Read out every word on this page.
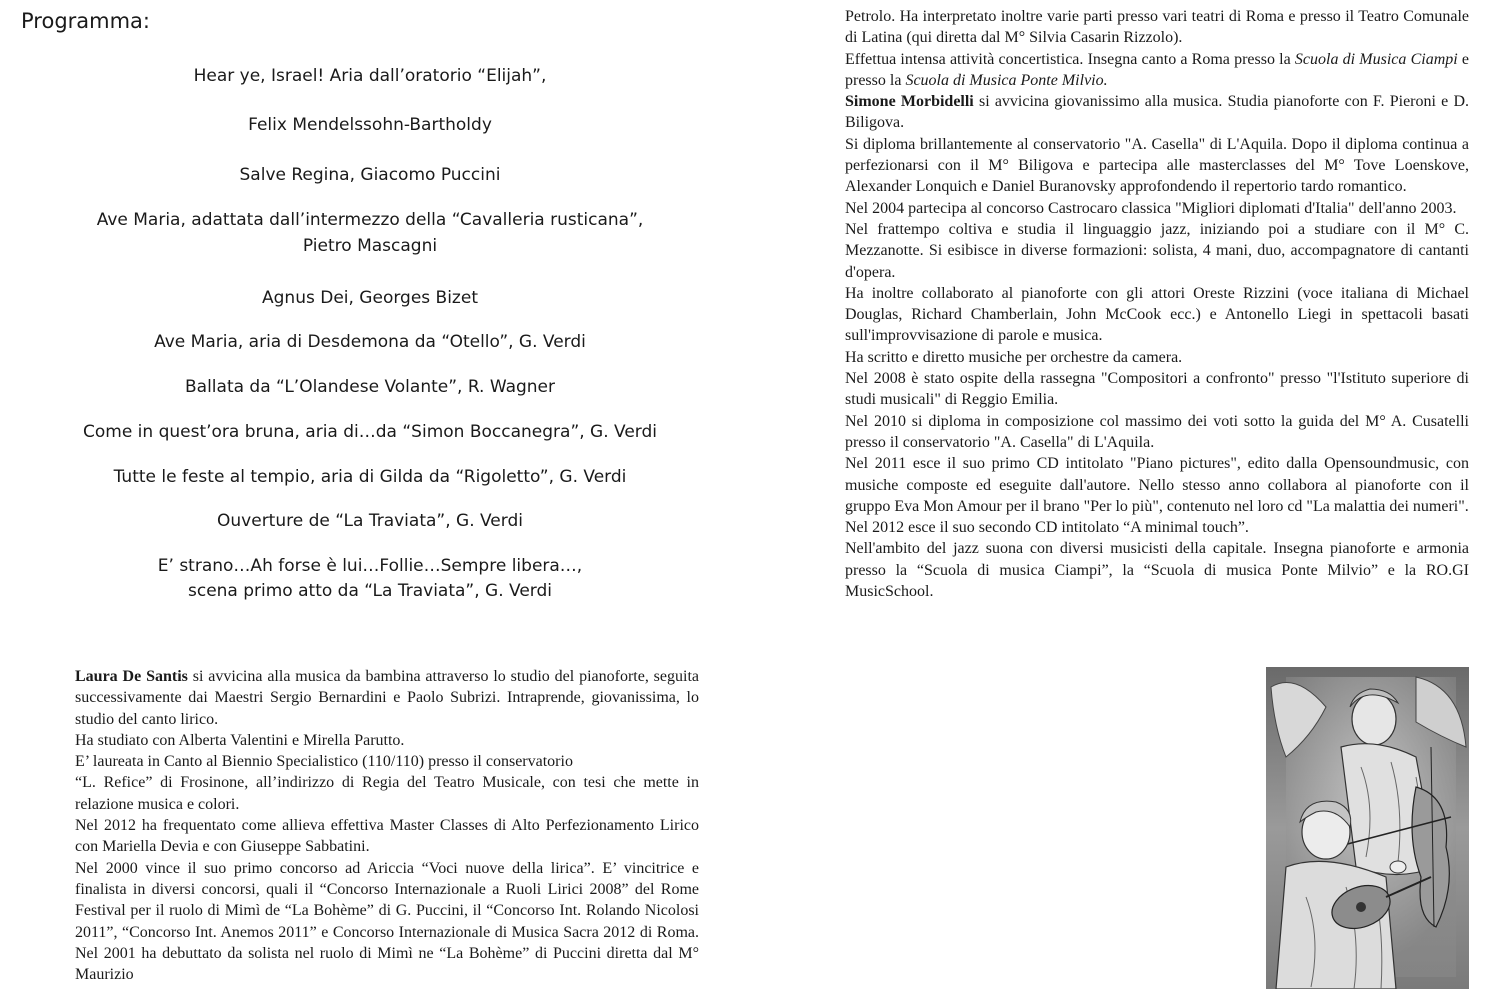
Programma:
Hear ye, Israel! Aria dall’oratorio “Elijah”,
Felix Mendelssohn-Bartholdy
Salve Regina, Giacomo Puccini
Ave Maria, adattata dall’intermezzo della “Cavalleria rusticana”,
Pietro Mascagni
Agnus Dei, Georges Bizet
Ave Maria, aria di Desdemona da “Otello”, G. Verdi
Ballata da “L’Olandese Volante”, R. Wagner
Come in quest’ora bruna, aria di…da “Simon Boccanegra”, G. Verdi
Tutte le feste al tempio, aria di Gilda da “Rigoletto”, G. Verdi
Ouverture de “La Traviata”, G. Verdi
E’ strano…Ah forse è lui…Follie…Sempre libera…,
scena primo atto da “La Traviata”, G. Verdi

Laura De Santis si avvicina alla musica da bambina attraverso lo studio del pianoforte, seguita successivamente dai Maestri Sergio Bernardini e Paolo Subrizi. Intraprende, giovanissima, lo studio del canto lirico.

Ha studiato con Alberta Valentini e Mirella Parutto.

E’ laureata in Canto al Biennio Specialistico (110/110) presso il conservatorio

“L. Refice” di Frosinone, all’indirizzo di Regia del Teatro Musicale, con tesi che mette in relazione musica e colori.

Nel 2012 ha frequentato come allieva effettiva Master Classes di Alto Perfezionamento Lirico con Mariella Devia e con Giuseppe Sabbatini.

Nel 2000 vince il suo primo concorso ad Ariccia “Voci nuove della lirica”. E’ vincitrice e finalista in diversi concorsi, quali il “Concorso Internazionale a Ruoli Lirici 2008” del Rome Festival per il ruolo di Mimì de “La Bohème” di G. Puccini, il “Concorso Int. Rolando Nicolosi 2011”, “Concorso Int. Anemos 2011” e Concorso Internazionale di Musica Sacra 2012 di Roma. Nel 2001 ha debuttato da solista nel ruolo di Mimì ne “La Bohème” di Puccini diretta dal M° Maurizio

Petrolo. Ha interpretato inoltre varie parti presso vari teatri di Roma e presso il Teatro Comunale di Latina (qui diretta dal M° Silvia Casarin Rizzolo).

Effettua intensa attività concertistica. Insegna canto a Roma presso la Scuola di Musica Ciampi e presso la Scuola di Musica Ponte Milvio.

Simone Morbidelli si avvicina giovanissimo alla musica. Studia pianoforte con F. Pieroni e D. Biligova.

Si diploma brillantemente al conservatorio "A. Casella" di L'Aquila. Dopo il diploma continua a perfezionarsi con il M° Biligova e partecipa alle masterclasses del M° Tove Loenskove, Alexander Lonquich e Daniel Buranovsky approfondendo il repertorio tardo romantico.

Nel 2004 partecipa al concorso Castrocaro classica "Migliori diplomati d'Italia" dell'anno 2003.

Nel frattempo coltiva e studia il linguaggio jazz, iniziando poi a studiare con il M° C. Mezzanotte. Si esibisce in diverse formazioni: solista, 4 mani, duo, accompagnatore di cantanti d'opera.

Ha inoltre collaborato al pianoforte con gli attori Oreste Rizzini (voce italiana di Michael Douglas, Richard Chamberlain, John McCook ecc.) e Antonello Liegi in spettacoli basati sull'improvvisazione di parole e musica.

Ha scritto e diretto musiche per orchestre da camera.

Nel 2008 è stato ospite della rassegna "Compositori a confronto" presso "l'Istituto superiore di studi musicali" di Reggio Emilia.

Nel 2010 si diploma in composizione col massimo dei voti sotto la guida del M° A. Cusatelli presso il conservatorio "A. Casella" di L'Aquila.

Nel 2011 esce il suo primo CD intitolato "Piano pictures", edito dalla Opensoundmusic, con musiche composte ed eseguite dall'autore. Nello stesso anno collabora al pianoforte con il gruppo Eva Mon Amour per il brano "Per lo più", contenuto nel loro cd "La malattia dei numeri".

Nel 2012 esce il suo secondo CD intitolato “A minimal touch”.

Nell'ambito del jazz suona con diversi musicisti della capitale. Insegna pianoforte e armonia presso la “Scuola di musica Ciampi”, la “Scuola di musica Ponte Milvio” e la RO.GI MusicSchool.
